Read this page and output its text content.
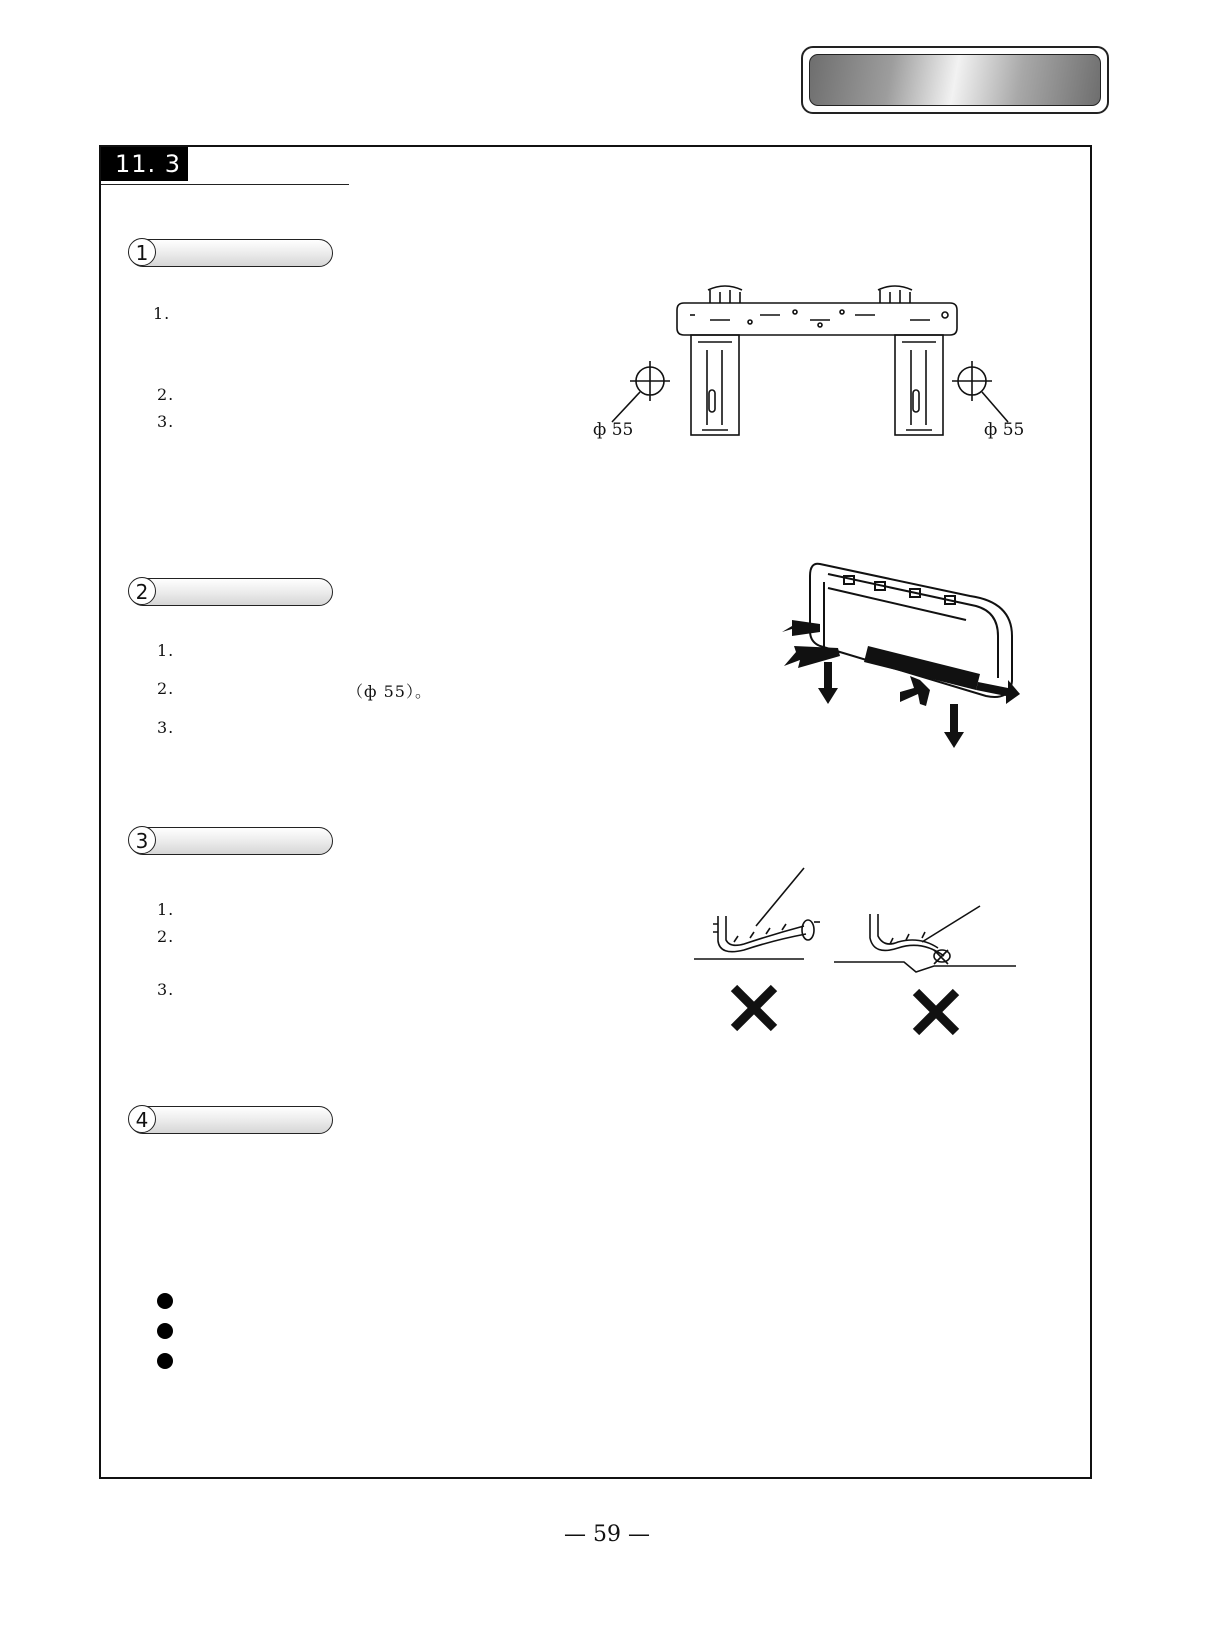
11. 3
1
1.
2.
3.
2
1.
2.	（ф 55）。
3.
3
1.
2.
3.
4
ф 55	ф 55
— 59 —
